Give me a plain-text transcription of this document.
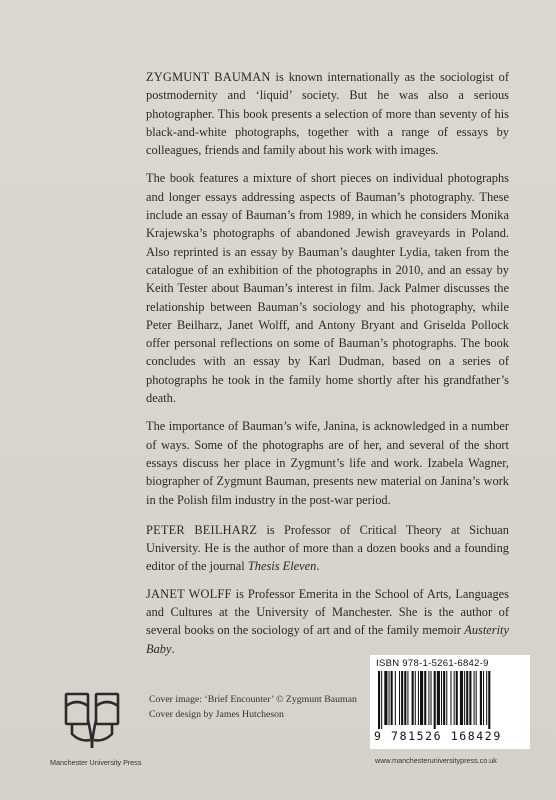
ZYGMUNT BAUMAN is known internationally as the sociologist of postmodernity and ‘liquid’ society. But he was also a serious photographer. This book presents a selection of more than seventy of his black-and-white photographs, together with a range of essays by colleagues, friends and family about his work with images.

The book features a mixture of short pieces on individual photographs and longer essays addressing aspects of Bauman’s photography. These include an essay of Bauman’s from 1989, in which he considers Monika Krajewska’s photographs of abandoned Jewish graveyards in Poland. Also reprinted is an essay by Bauman’s daughter Lydia, taken from the catalogue of an exhibition of the photographs in 2010, and an essay by Keith Tester about Bauman’s interest in film. Jack Palmer discusses the relationship between Bauman’s sociology and his photography, while Peter Beilharz, Janet Wolff, and Antony Bryant and Griselda Pollock offer personal reflections on some of Bauman’s photographs. The book concludes with an essay by Karl Dudman, based on a series of photographs he took in the family home shortly after his grandfather’s death.

The importance of Bauman’s wife, Janina, is acknowledged in a number of ways. Some of the photographs are of her, and several of the short essays discuss her place in Zygmunt’s life and work. Izabela Wagner, biographer of Zygmunt Bauman, presents new material on Janina’s work in the Polish film industry in the post-war period.

PETER BEILHARZ is Professor of Critical Theory at Sichuan University. He is the author of more than a dozen books and a founding editor of the journal Thesis Eleven.

JANET WOLFF is Professor Emerita in the School of Arts, Languages and Cultures at the University of Manchester. She is the author of several books on the sociology of art and of the family memoir Austerity Baby.

Manchester University Press
Cover image: ‘Brief Encounter’ © Zygmunt Bauman
Cover design by James Hutcheson
ISBN 978-1-5261-6842-9
9 781526 168429
www.manchesteruniversitypress.co.uk
